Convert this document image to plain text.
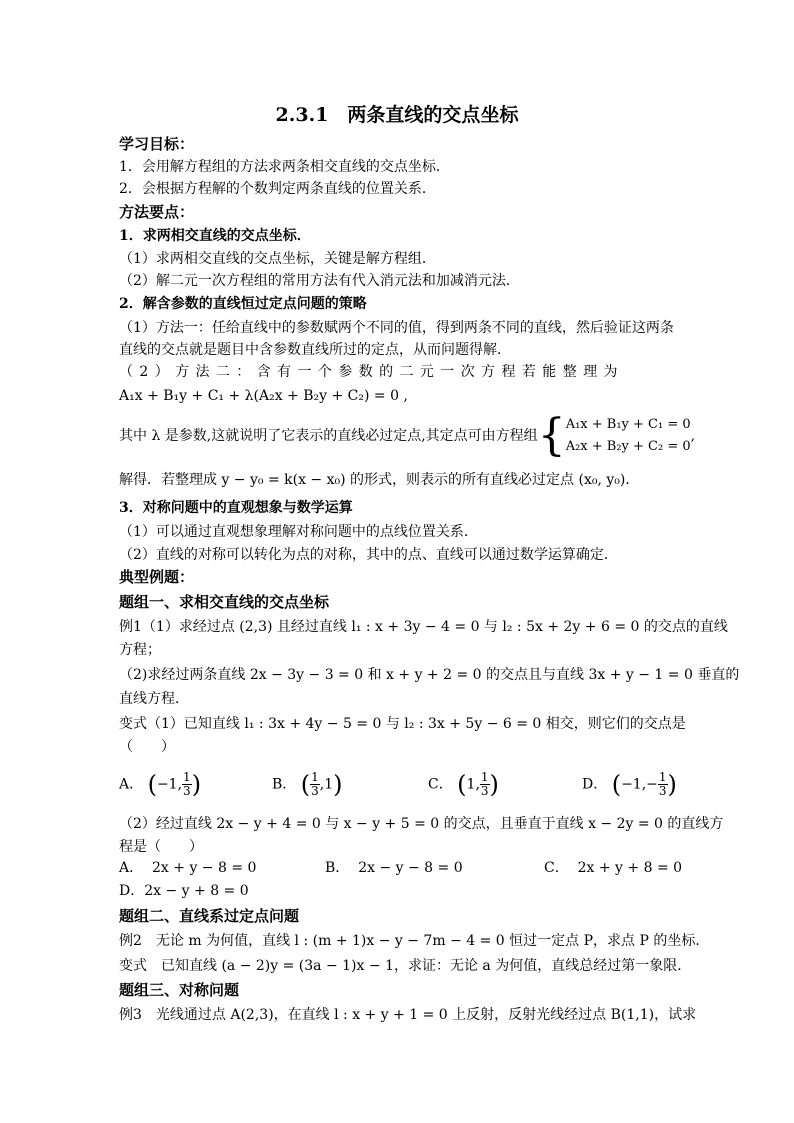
2.3.1　两条直线的交点坐标
学习目标：
1．会用解方程组的方法求两条相交直线的交点坐标．
2．会根据方程解的个数判定两条直线的位置关系．
方法要点：
1．求两相交直线的交点坐标．
（1）求两相交直线的交点坐标，关键是解方程组．
（2）解二元一次方程组的常用方法有代入消元法和加减消元法．
2．解含参数的直线恒过定点问题的策略
（1）方法一：任给直线中的参数赋两个不同的值，得到两条不同的直线，然后验证这两条
直线的交点就是题目中含参数直线所过的定点，从而问题得解．
（2）方法二：含有一个参数的二元一次方程若能整理为
A₁x + B₁y + C₁ + λ(A₂x + B₂y + C₂) = 0 ,
其中 λ 是参数,这就说明了它表示的直线必过定点,其定点可由方程组{ A₁x + B₁y + C₁ = 0
A₂x + B₂y + C₂ = 0
,
解得．若整理成 y − y₀ = k(x − x₀) 的形式，则表示的所有直线必过定点 (x₀, y₀)．
3．对称问题中的直观想象与数学运算
（1）可以通过直观想象理解对称问题中的点线位置关系．
（2）直线的对称可以转化为点的对称，其中的点、直线可以通过数学运算确定．
典型例题：
题组一、求相交直线的交点坐标
例1（1）求经过点 (2,3) 且经过直线 l₁ : x + 3y − 4 = 0 与 l₂ : 5x + 2y + 6 = 0 的交点的直线
方程；
（2)求经过两条直线 2x − 3y − 3 = 0 和 x + y + 2 = 0 的交点且与直线 3x + y − 1 = 0 垂直的
直线方程．
变式（1）已知直线 l₁ : 3x + 4y − 5 = 0 与 l₂ : 3x + 5y − 6 = 0 相交，则它们的交点是
（　　）
A． (−1, $\frac{1}{3}$ )	B． ( $\frac{1}{3} ,1$)	C． (1, $\frac{1}{3}$ )	D． ($-1,- \frac{1}{3}$ )
（2）经过直线 2x − y + 4 = 0 与 x − y + 5 = 0 的交点，且垂直于直线 x − 2y = 0 的直线方
程是（　　）
A．  2x + y − 8 = 0	B．  2x − y − 8 = 0	C．  2x + y + 8 = 0
D．2x − y + 8 = 0
题组二、直线系过定点问题
例2　无论 m 为何值，直线 l : (m + 1)x − y − 7m − 4 = 0 恒过一定点 P，求点 P 的坐标．
变式　已知直线 (a − 2)y = (3a − 1)x − 1，求证：无论 a 为何值，直线总经过第一象限．
题组三、对称问题
例3　光线通过点 A(2,3)，在直线 l : x + y + 1 = 0 上反射，反射光线经过点 B(1,1)，试求
